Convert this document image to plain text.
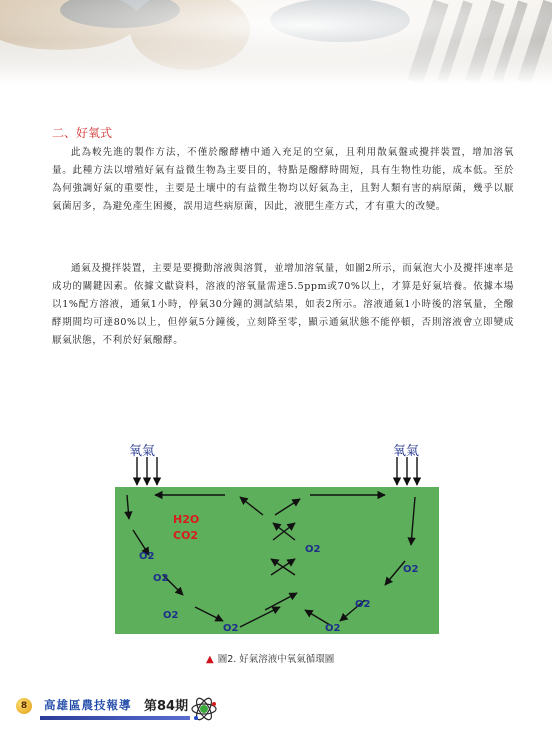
二、好氧式

此為較先進的製作方法，不僅於醱酵槽中通入充足的空氣，且利用散氣盤或攪拌裝置，增加溶氧量。此種方法以增殖好氣有益微生物為主要目的，特點是醱酵時間短，具有生物性功能，成本低。至於為何強調好氣的重要性，主要是土壤中的有益微生物均以好氣為主，且對人類有害的病原菌，幾乎以厭氣菌居多，為避免產生困擾，誤用這些病原菌，因此，液肥生產方式，才有重大的改變。

通氣及攪拌裝置，主要是要攪動溶液與溶質，並增加溶氧量，如圖2所示，而氣泡大小及攪拌速率是成功的關鍵因素。依據文獻資料，溶液的溶氧量需達5.5ppm或70%以上，才算是好氣培養。依據本場以1%配方溶液，通氣1小時，停氣30分鐘的測試結果，如表2所示。溶液通氣1小時後的溶氧量，全醱酵期間均可達80%以上，但停氣5分鐘後，立刻降至零，顯示通氣狀態不能停頓，否則溶液會立即變成厭氣狀態，不利於好氣醱酵。

氧氣	氧氣
H2O
CO2
O2
O2
O2
O2
O2
O2
O2
O2
▲ 圖2. 好氣溶液中氧氣循環圖
8	高雄區農技報導 第84期
